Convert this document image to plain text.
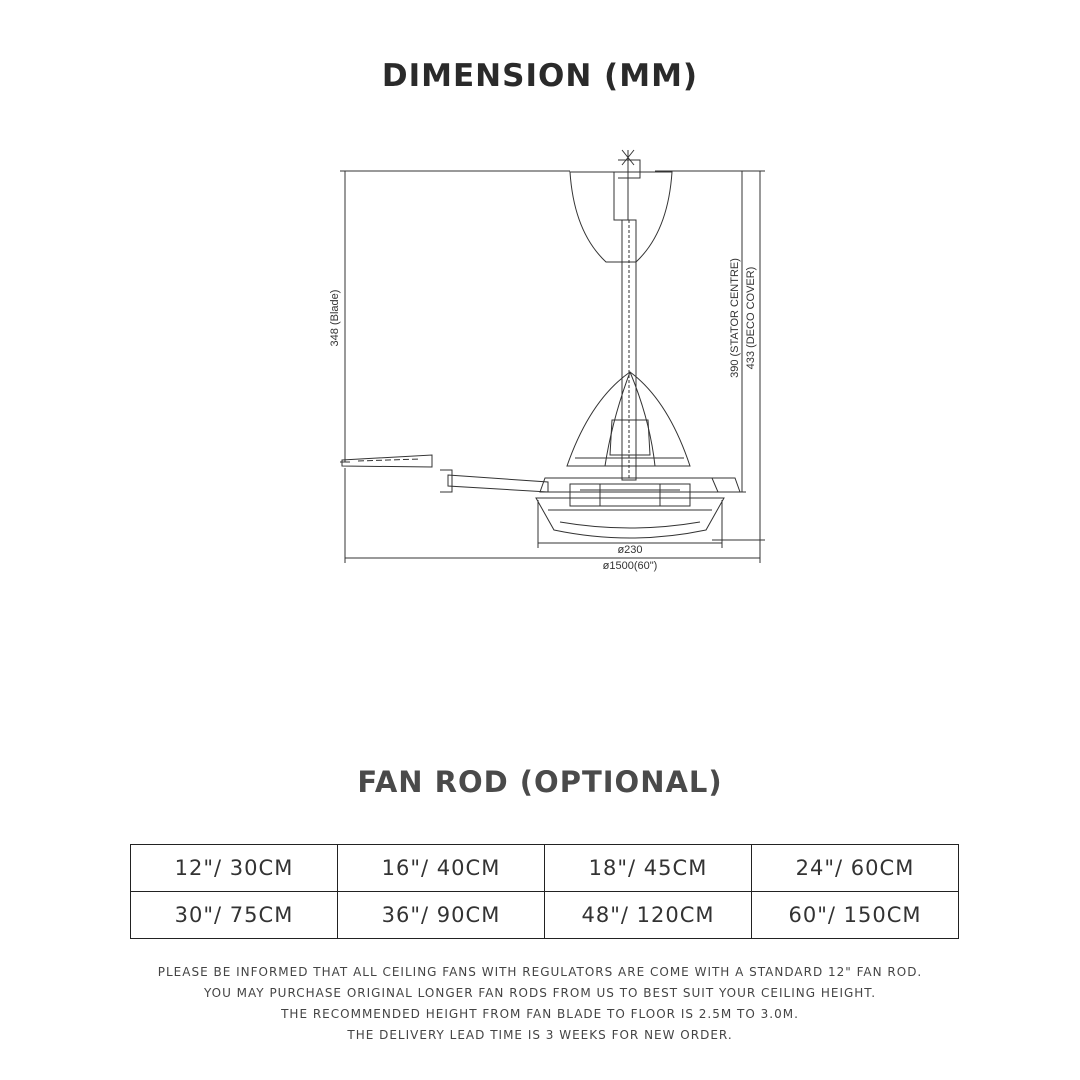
DIMENSION (MM)
348 (Blade)	390 (STATOR CENTRE) 433 (DECO COVER)
ø230
ø1500(60")
FAN ROD (OPTIONAL)
12"/ 30CM	16"/ 40CM	18"/ 45CM	24"/ 60CM
30"/ 75CM	36"/ 90CM	48"/ 120CM	60"/ 150CM
PLEASE BE INFORMED THAT ALL CEILING FANS WITH REGULATORS ARE COME WITH A STANDARD 12" FAN ROD.
YOU MAY PURCHASE ORIGINAL LONGER FAN RODS FROM US TO BEST SUIT YOUR CEILING HEIGHT.
THE RECOMMENDED HEIGHT FROM FAN BLADE TO FLOOR IS 2.5M TO 3.0M.
THE DELIVERY LEAD TIME IS 3 WEEKS FOR NEW ORDER.
